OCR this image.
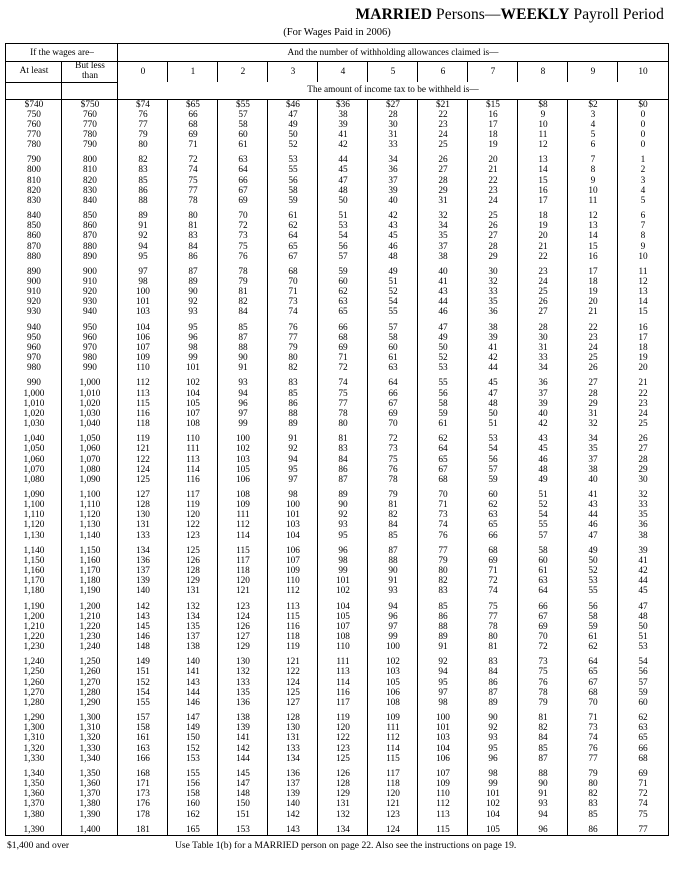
MARRIED Persons—WEEKLY Payroll Period
(For Wages Paid in 2006)
If the wages are–		And the number of withholding allowances claimed is—										
At least	But less
than	0	1	2	3	4	5	6	7	8	9	10
		The amount of income tax to be withheld is—										
$740	$750	$74	$65	$55	$46	$36	$27	$21	$15	$8	$2	$0
750	760	76	66	57	47	38	28	22	16	9	3	0
760	770	77	68	58	49	39	30	23	17	10	4	0
770	780	79	69	60	50	41	31	24	18	11	5	0
780	790	80	71	61	52	42	33	25	19	12	6	0

790	800	82	72	63	53	44	34	26	20	13	7	1
800	810	83	74	64	55	45	36	27	21	14	8	2
810	820	85	75	66	56	47	37	28	22	15	9	3
820	830	86	77	67	58	48	39	29	23	16	10	4
830	840	88	78	69	59	50	40	31	24	17	11	5

840	850	89	80	70	61	51	42	32	25	18	12	6
850	860	91	81	72	62	53	43	34	26	19	13	7
860	870	92	83	73	64	54	45	35	27	20	14	8
870	880	94	84	75	65	56	46	37	28	21	15	9
880	890	95	86	76	67	57	48	38	29	22	16	10

890	900	97	87	78	68	59	49	40	30	23	17	11
900	910	98	89	79	70	60	51	41	32	24	18	12
910	920	100	90	81	71	62	52	43	33	25	19	13
920	930	101	92	82	73	63	54	44	35	26	20	14
930	940	103	93	84	74	65	55	46	36	27	21	15

940	950	104	95	85	76	66	57	47	38	28	22	16
950	960	106	96	87	77	68	58	49	39	30	23	17
960	970	107	98	88	79	69	60	50	41	31	24	18
970	980	109	99	90	80	71	61	52	42	33	25	19
980	990	110	101	91	82	72	63	53	44	34	26	20

990	1,000	112	102	93	83	74	64	55	45	36	27	21
1,000	1,010	113	104	94	85	75	66	56	47	37	28	22
1,010	1,020	115	105	96	86	77	67	58	48	39	29	23
1,020	1,030	116	107	97	88	78	69	59	50	40	31	24
1,030	1,040	118	108	99	89	80	70	61	51	42	32	25

1,040	1,050	119	110	100	91	81	72	62	53	43	34	26
1,050	1,060	121	111	102	92	83	73	64	54	45	35	27
1,060	1,070	122	113	103	94	84	75	65	56	46	37	28
1,070	1,080	124	114	105	95	86	76	67	57	48	38	29
1,080	1,090	125	116	106	97	87	78	68	59	49	40	30

1,090	1,100	127	117	108	98	89	79	70	60	51	41	32
1,100	1,110	128	119	109	100	90	81	71	62	52	43	33
1,110	1,120	130	120	111	101	92	82	73	63	54	44	35
1,120	1,130	131	122	112	103	93	84	74	65	55	46	36
1,130	1,140	133	123	114	104	95	85	76	66	57	47	38

1,140	1,150	134	125	115	106	96	87	77	68	58	49	39
1,150	1,160	136	126	117	107	98	88	79	69	60	50	41
1,160	1,170	137	128	118	109	99	90	80	71	61	52	42
1,170	1,180	139	129	120	110	101	91	82	72	63	53	44
1,180	1,190	140	131	121	112	102	93	83	74	64	55	45

1,190	1,200	142	132	123	113	104	94	85	75	66	56	47
1,200	1,210	143	134	124	115	105	96	86	77	67	58	48
1,210	1,220	145	135	126	116	107	97	88	78	69	59	50
1,220	1,230	146	137	127	118	108	99	89	80	70	61	51
1,230	1,240	148	138	129	119	110	100	91	81	72	62	53

1,240	1,250	149	140	130	121	111	102	92	83	73	64	54
1,250	1,260	151	141	132	122	113	103	94	84	75	65	56
1,260	1,270	152	143	133	124	114	105	95	86	76	67	57
1,270	1,280	154	144	135	125	116	106	97	87	78	68	59
1,280	1,290	155	146	136	127	117	108	98	89	79	70	60

1,290	1,300	157	147	138	128	119	109	100	90	81	71	62
1,300	1,310	158	149	139	130	120	111	101	92	82	73	63
1,310	1,320	161	150	141	131	122	112	103	93	84	74	65
1,320	1,330	163	152	142	133	123	114	104	95	85	76	66
1,330	1,340	166	153	144	134	125	115	106	96	87	77	68

1,340	1,350	168	155	145	136	126	117	107	98	88	79	69
1,350	1,360	171	156	147	137	128	118	109	99	90	80	71
1,360	1,370	173	158	148	139	129	120	110	101	91	82	72
1,370	1,380	176	160	150	140	131	121	112	102	93	83	74
1,380	1,390	178	162	151	142	132	123	113	104	94	85	75

1,390	1,400	181	165	153	143	134	124	115	105	96	86	77
$1,400 and over	Use Table 1(b) for a MARRIED person on page 22. Also see the instructions on page 19.
